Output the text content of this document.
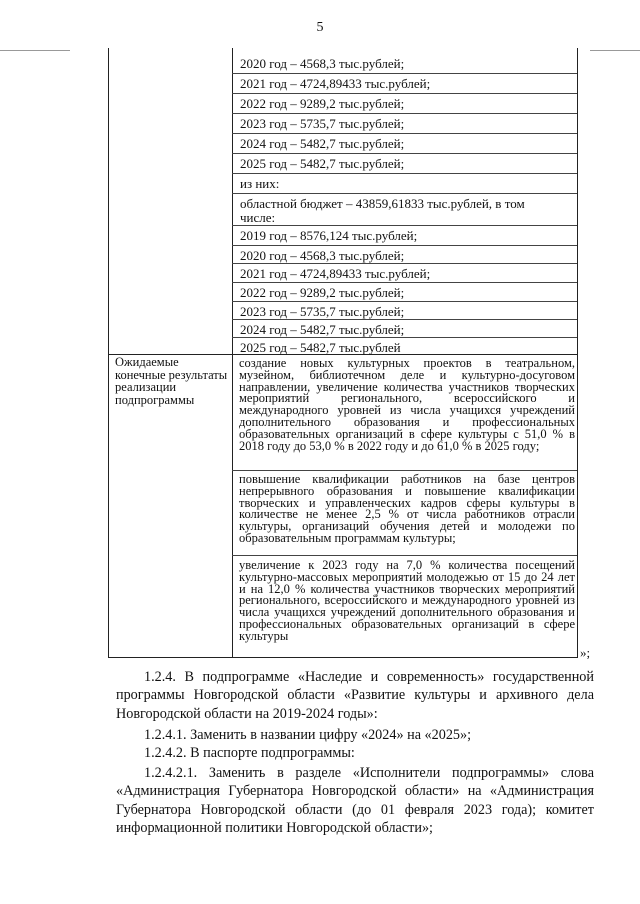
5
2020 год – 4568,3 тыс.рублей;
2021 год – 4724,89433 тыс.рублей;
2022 год – 9289,2 тыс.рублей;
2023 год – 5735,7 тыс.рублей;
2024 год – 5482,7 тыс.рублей;
2025 год – 5482,7 тыс.рублей;
из них:
областной бюджет – 43859,61833 тыс.рублей, в том
числе:
2019 год – 8576,124 тыс.рублей;
2020 год – 4568,3 тыс.рублей;
2021 год – 4724,89433 тыс.рублей;
2022 год – 9289,2 тыс.рублей;
2023 год – 5735,7 тыс.рублей;
2024 год – 5482,7 тыс.рублей;
2025 год – 5482,7 тыс.рублей
Ожидаемые конечные результаты реализации подпрограммы
создание новых культурных проектов в театральном, музейном, библиотечном деле и культурно-досуговом направлении, увеличение количества участников творческих мероприятий регионального, всероссийского и международного уровней из числа учащихся учреждений дополнительного образования и профессиональных образовательных организаций в сфере культуры с 51,0 % в 2018 году до 53,0 % в 2022 году и до 61,0 % в 2025 году;
повышение квалификации работников на базе центров непрерывного образования и повышение квалификации творческих и управленческих кадров сферы культуры в количестве не менее 2,5 % от числа работников отрасли культуры, организаций обучения детей и молодежи по образовательным программам культуры;
увеличение к 2023 году на 7,0 % количества посещений культурно-массовых мероприятий молодежью от 15 до 24 лет и на 12,0 % количества участников творческих мероприятий регионального, всероссийского и международного уровней из числа учащихся учреждений дополнительного образования и профессиональных образовательных организаций в сфере культуры
»;
1.2.4. В подпрограмме «Наследие и современность» государственной программы Новгородской области «Развитие культуры и архивного дела Новгородской области на 2019-2024 годы»:
1.2.4.1. Заменить в названии цифру «2024» на «2025»;
1.2.4.2. В паспорте подпрограммы:
1.2.4.2.1. Заменить в разделе «Исполнители подпрограммы» слова «Администрация Губернатора Новгородской области» на «Администрация Губернатора Новгородской области (до 01 февраля 2023 года); комитет информационной политики Новгородской области»;
